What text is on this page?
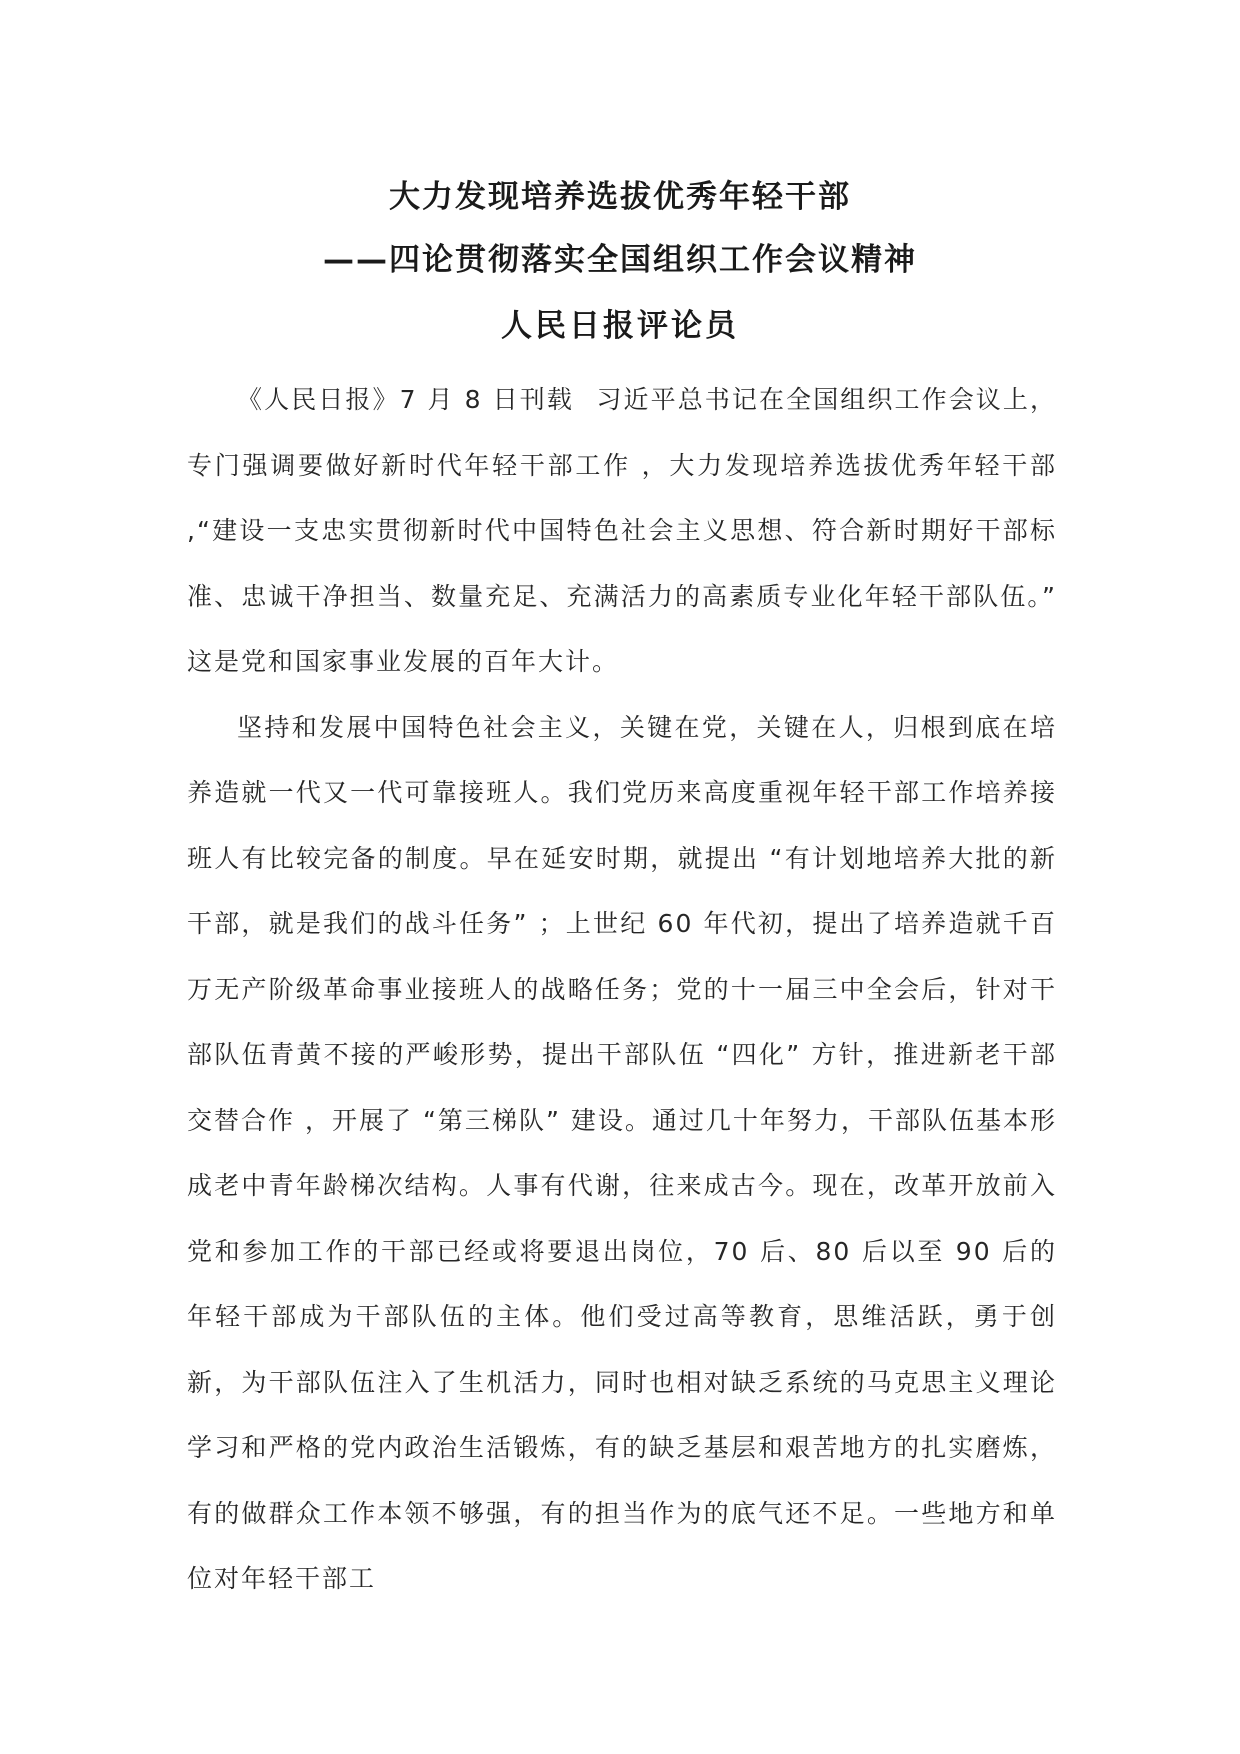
大力发现培养选拔优秀年轻干部
——四论贯彻落实全国组织工作会议精神
人民日报评论员

《人民日报》7 月 8 日刊载 习近平总书记在全国组织工作会议上，专门强调要做好新时代年轻干部工作 ，大力发现培养选拔优秀年轻干部 ,“建设一支忠实贯彻新时代中国特色社会主义思想、符合新时期好干部标准、忠诚干净担当、数量充足、充满活力的高素质专业化年轻干部队伍。” 这是党和国家事业发展的百年大计。

坚持和发展中国特色社会主义，关键在党，关键在人，归根到底在培养造就一代又一代可靠接班人。我们党历来高度重视年轻干部工作培养接班人有比较完备的制度。早在延安时期，就提出 “有计划地培养大批的新干部，就是我们的战斗任务” ；上世纪 60 年代初，提出了培养造就千百万无产阶级革命事业接班人的战略任务；党的十一届三中全会后，针对干部队伍青黄不接的严峻形势，提出干部队伍 “四化” 方针，推进新老干部交替合作 ，开展了 “第三梯队” 建设。通过几十年努力，干部队伍基本形成老中青年龄梯次结构。人事有代谢，往来成古今。现在，改革开放前入党和参加工作的干部已经或将要退出岗位，70 后、80 后以至 90 后的年轻干部成为干部队伍的主体。他们受过高等教育，思维活跃，勇于创新，为干部队伍注入了生机活力，同时也相对缺乏系统的马克思主义理论学习和严格的党内政治生活锻炼，有的缺乏基层和艰苦地方的扎实磨炼，有的做群众工作本领不够强，有的担当作为的底气还不足。一些地方和单位对年轻干部工
